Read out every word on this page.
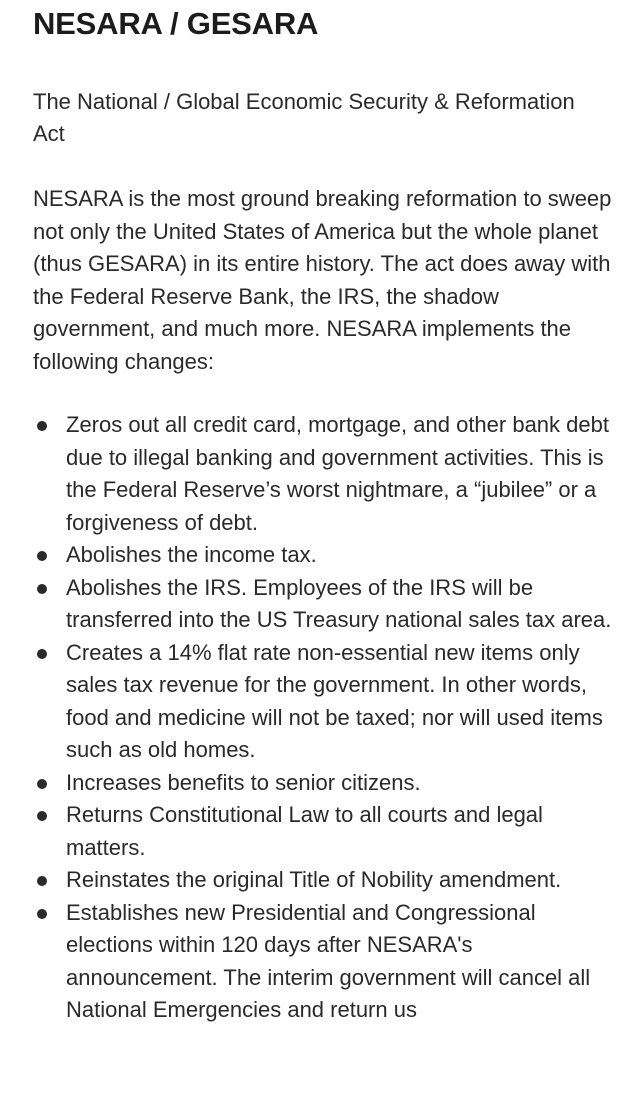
NESARA / GESARA

The National / Global Economic Security & Reformation Act

NESARA is the most ground breaking reformation to sweep not only the United States of America but the whole planet (thus GESARA) in its entire history. The act does away with the Federal Reserve Bank, the IRS, the shadow government, and much more. NESARA implements the following changes:

Zeros out all credit card, mortgage, and other bank debt due to illegal banking and government activities. This is the Federal Reserve’s worst nightmare, a “jubilee” or a forgiveness of debt.
Abolishes the income tax.
Abolishes the IRS. Employees of the IRS will be transferred into the US Treasury national sales tax area.
Creates a 14% flat rate non-essential new items only sales tax revenue for the government. In other words, food and medicine will not be taxed; nor will used items such as old homes.
Increases benefits to senior citizens.
Returns Constitutional Law to all courts and legal matters.
Reinstates the original Title of Nobility amendment.
Establishes new Presidential and Congressional elections within 120 days after NESARA's announcement. The interim government will cancel all National Emergencies and return us
